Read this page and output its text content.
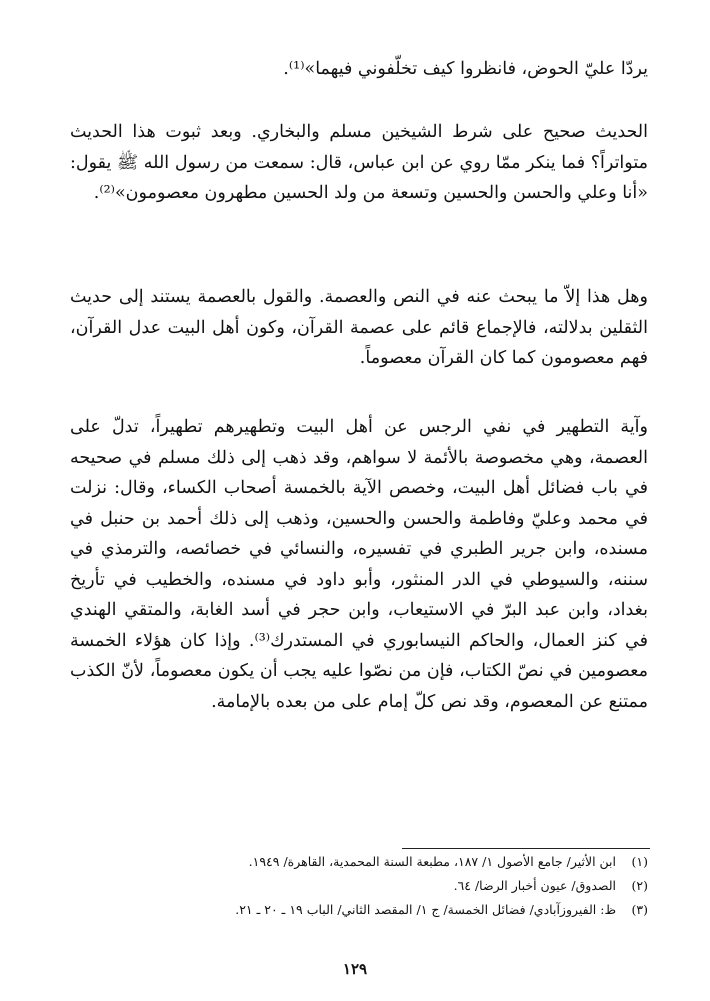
يردّا عليّ الحوض، فانظروا كيف تخلّفوني فيهما»⁽¹⁾.

الحديث صحيح على شرط الشيخين مسلم والبخاري. وبعد ثبوت هذا الحديث متواتراً؟ فما ينكر ممّا روي عن ابن عباس، قال: سمعت من رسول الله ﷺ يقول: «أنا وعلي والحسن والحسين وتسعة من ولد الحسين مطهرون معصومون»⁽²⁾.

وهل هذا إلاّ ما يبحث عنه في النص والعصمة. والقول بالعصمة يستند إلى حديث الثقلين بدلالته، فالإجماع قائم على عصمة القرآن، وكون أهل البيت عدل القرآن، فهم معصومون كما كان القرآن معصوماً.

وآية التطهير في نفي الرجس عن أهل البيت وتطهيرهم تطهيراً، تدلّ على العصمة، وهي مخصوصة بالأئمة لا سواهم، وقد ذهب إلى ذلك مسلم في صحيحه في باب فضائل أهل البيت، وخصص الآية بالخمسة أصحاب الكساء، وقال: نزلت في محمد وعليّ وفاطمة والحسن والحسين، وذهب إلى ذلك أحمد بن حنبل في مسنده، وابن جرير الطبري في تفسيره، والنسائي في خصائصه، والترمذي في سننه، والسيوطي في الدر المنثور، وأبو داود في مسنده، والخطيب في تأريخ بغداد، وابن عبد البرّ في الاستيعاب، وابن حجر في أسد الغابة، والمتقي الهندي في كنز العمال، والحاكم النيسابوري في المستدرك⁽³⁾. وإذا كان هؤلاء الخمسة معصومين في نصّ الكتاب، فإن من نصّوا عليه يجب أن يكون معصوماً، لأنّ الكذب ممتنع عن المعصوم، وقد نص كلّ إمام على من بعده بالإمامة.

(١) ابن الأثير/ جامع الأصول ١/ ١٨٧، مطبعة السنة المحمدية، القاهرة/ ١٩٤٩.
(٢) الصدوق/ عيون أخبار الرضا/ ٦٤.
(٣) ظ: الفيروزآبادي/ فضائل الخمسة/ ج ١/ المقصد الثاني/ الباب ١٩ ـ ٢٠ ـ ٢١.
١٢٩
